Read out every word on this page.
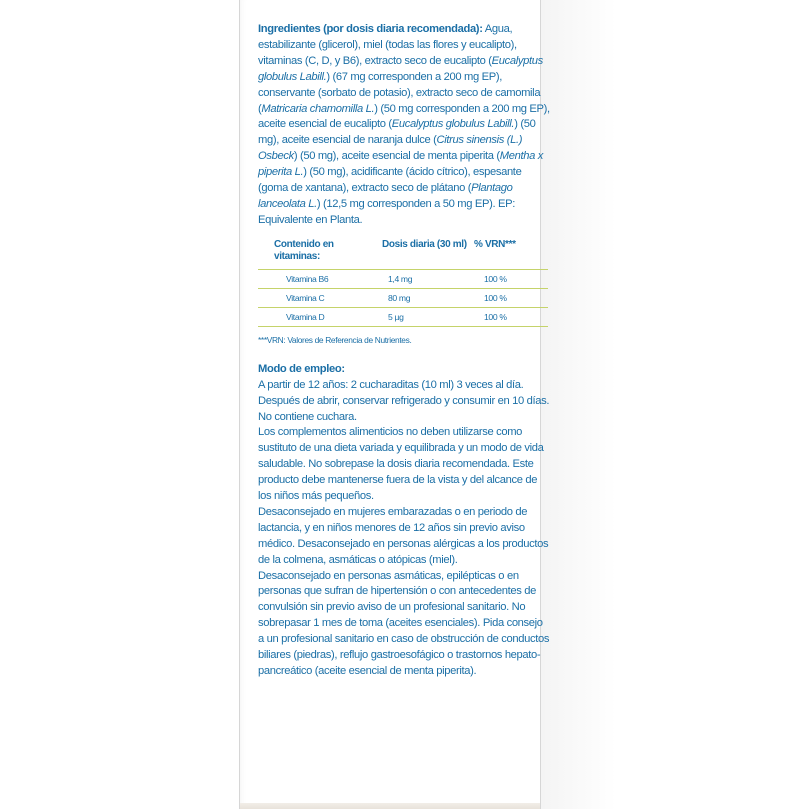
Ingredientes (por dosis diaria recomendada): Agua, estabilizante (glicerol), miel (todas las flores y eucalipto), vitaminas (C, D, y B6), extracto seco de eucalipto (Eucalyptus globulus Labill.) (67 mg corresponden a 200 mg EP), conservante (sorbato de potasio), extracto seco de camomila (Matricaria chamomilla L.) (50 mg corresponden a 200 mg EP), aceite esencial de eucalipto (Eucalyptus globulus Labill.) (50 mg), aceite esencial de naranja dulce (Citrus sinensis (L.) Osbeck) (50 mg), aceite esencial de menta piperita (Mentha x piperita L.) (50 mg), acidificante (ácido cítrico), espesante (goma de xantana), extracto seco de plátano (Plantago lanceolata L.) (12,5 mg corresponden a 50 mg EP). EP: Equivalente en Planta.

Contenido en vitaminas:	Dosis diaria (30 ml)	% VRN***
Vitamina B6	1,4 mg	100 %
Vitamina C	80 mg	100 %
Vitamina D	5 µg	100 %

***VRN: Valores de Referencia de Nutrientes.

Modo de empleo:

A partir de 12 años: 2 cucharaditas (10 ml) 3 veces al día.

Después de abrir, conservar refrigerado y consumir en 10 días.

No contiene cuchara.

Los complementos alimenticios no deben utilizarse como sustituto de una dieta variada y equilibrada y un modo de vida saludable. No sobrepase la dosis diaria recomendada. Este producto debe mantenerse fuera de la vista y del alcance de los niños más pequeños.

Desaconsejado en mujeres embarazadas o en periodo de lactancia, y en niños menores de 12 años sin previo aviso médico. Desaconsejado en personas alérgicas a los productos de la colmena, asmáticas o atópicas (miel).

Desaconsejado en personas asmáticas, epilépticas o en personas que sufran de hipertensión o con antecedentes de convulsión sin previo aviso de un profesional sanitario. No sobrepasar 1 mes de toma (aceites esenciales). Pida consejo a un profesional sanitario en caso de obstrucción de conductos biliares (piedras), reflujo gastroesofágico o trastornos hepato-pancreático (aceite esencial de menta piperita).
